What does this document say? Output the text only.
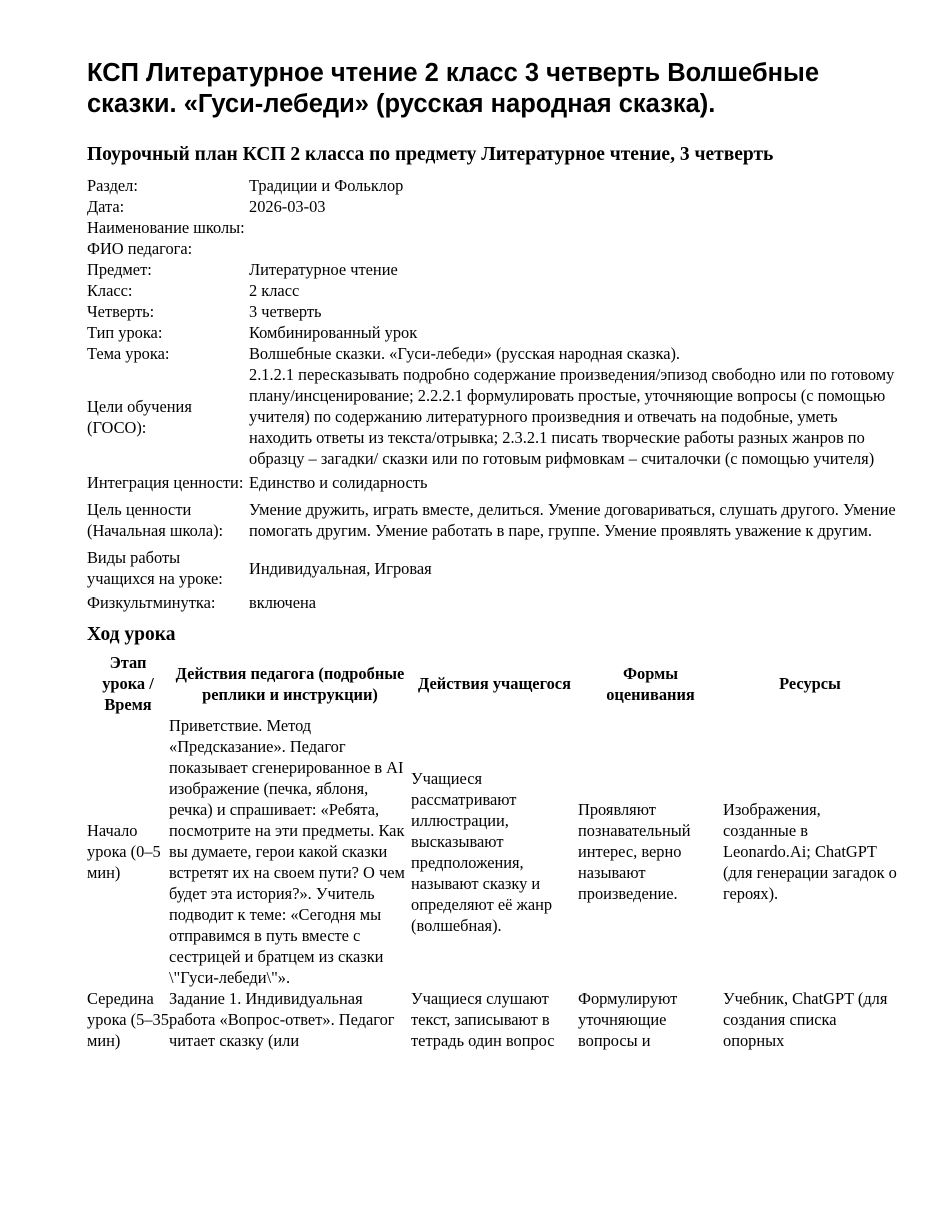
КСП Литературное чтение 2 класс 3 четверть Волшебные сказки. «Гуси-лебеди» (русская народная сказка).
Поурочный план КСП 2 класса по предмету Литературное чтение, 3 четверть
Раздел:	Традиции и Фольклор
Дата:	2026-03-03
Наименование школы:	
ФИО педагога:	
Предмет:	Литературное чтение
Класс:	2 класс
Четверть:	3 четверть
Тип урока:	Комбинированный урок
Тема урока:	Волшебные сказки. «Гуси-лебеди» (русская народная сказка).
Цели обучения (ГОСО):	2.1.2.1 пересказывать подробно содержание произведения/эпизод свободно или по готовому плану/инсценирование; 2.2.2.1 формулировать простые, уточняющие вопросы (с помощью учителя) по содержанию литературного произведния и отвечать на подобные, уметь находить ответы из текста/отрывка; 2.3.2.1 писать творческие работы разных жанров по образцу – загадки/ сказки или по готовым рифмовкам – считалочки (с помощью учителя)
Интеграция ценности:	Единство и солидарность
Цель ценности (Начальная школа):	Умение дружить, играть вместе, делиться. Умение договариваться, слушать другого. Умение помогать другим. Умение работать в паре, группе. Умение проявлять уважение к другим.
Виды работы учащихся на уроке:	Индивидуальная, Игровая
Физкультминутка:	включена
Ход урока
Этап урока / Время	Действия педагога (подробные реплики и инструкции)	Действия учащегося	Формы оценивания	Ресурсы
Начало урока (0–5 мин)	Приветствие. Метод «Предсказание». Педагог показывает сгенерированное в AI изображение (печка, яблоня, речка) и спрашивает: «Ребята, посмотрите на эти предметы. Как вы думаете, герои какой сказки встретят их на своем пути? О чем будет эта история?». Учитель подводит к теме: «Сегодня мы отправимся в путь вместе с сестрицей и братцем из сказки \"Гуси-лебеди\"».	Учащиеся рассматривают иллюстрации, высказывают предположения, называют сказку и определяют её жанр (волшебная).	Проявляют познавательный интерес, верно называют произведение.	Изображения, созданные в Leonardo.Ai; ChatGPT (для генерации загадок о героях).
Середина урока (5–35 мин)	Задание 1. Индивидуальная работа «Вопрос-ответ». Педагог читает сказку (или	Учащиеся слушают текст, записывают в тетрадь один вопрос	Формулируют уточняющие вопросы и	Учебник, ChatGPT (для создания списка опорных
